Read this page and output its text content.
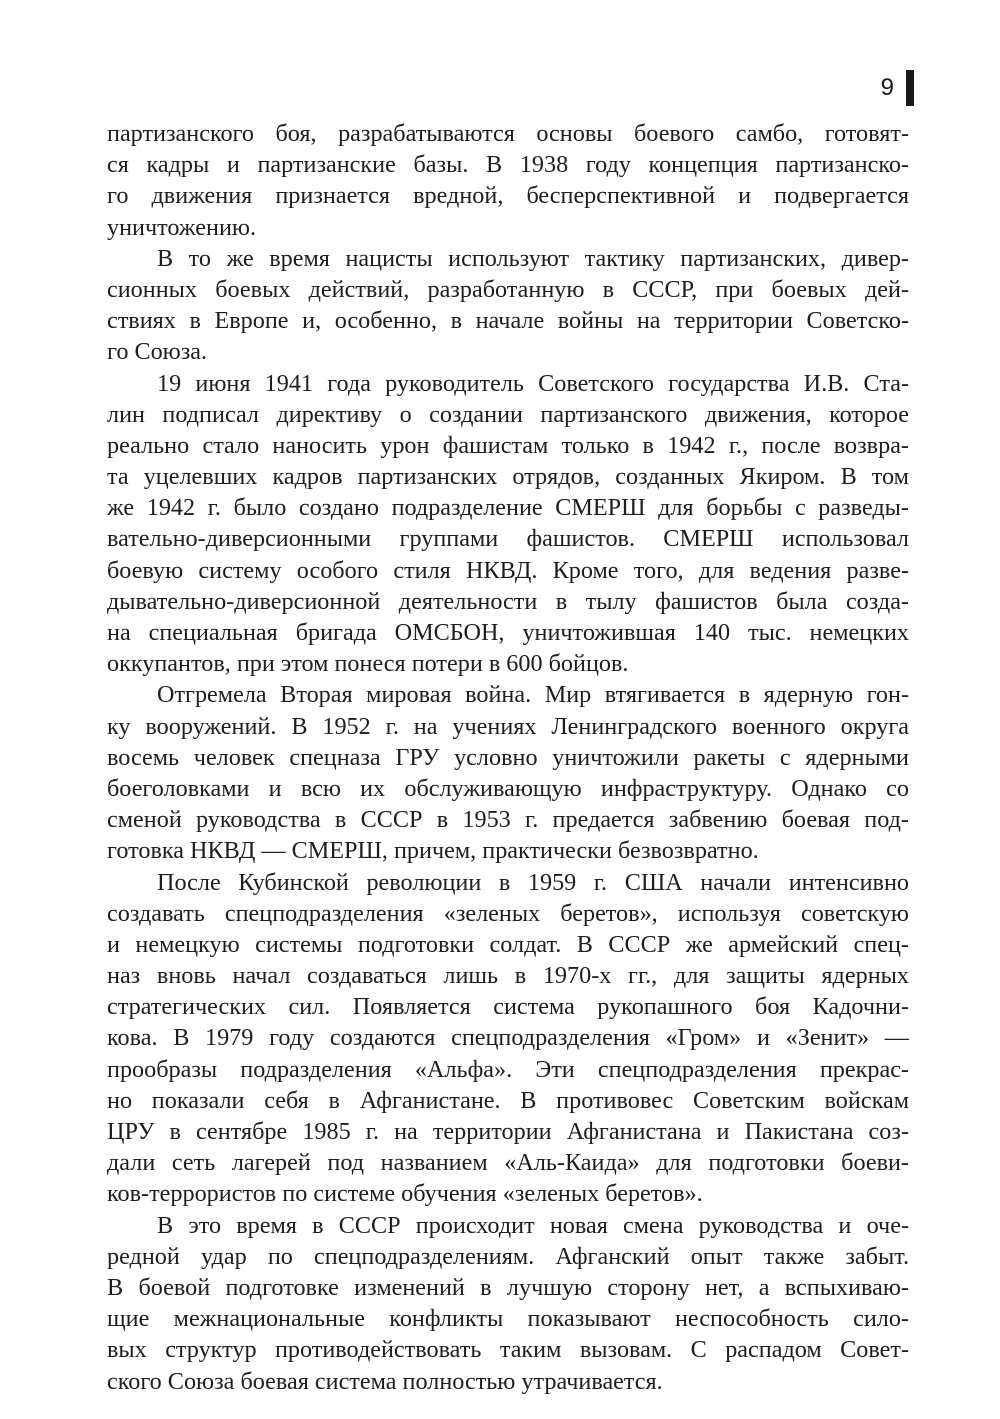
9
партизанского боя, разрабатываются основы боевого самбо, готовят-
ся кадры и партизанские базы. В 1938 году концепция партизанско-
го движения признается вредной, бесперспективной и подвергается
уничтожению.
В то же время нацисты используют тактику партизанских, дивер-
сионных боевых действий, разработанную в СССР, при боевых дей-
ствиях в Европе и, особенно, в начале войны на территории Советско-
го Союза.
19 июня 1941 года руководитель Советского государства И.В. Ста-
лин подписал директиву о создании партизанского движения, которое
реально стало наносить урон фашистам только в 1942 г., после возвра-
та уцелевших кадров партизанских отрядов, созданных Якиром. В том
же 1942 г. было создано подразделение СМЕРШ для борьбы с разведы-
вательно-диверсионными группами фашистов. СМЕРШ использовал
боевую систему особого стиля НКВД. Кроме того, для ведения разве-
дывательно-диверсионной деятельности в тылу фашистов была созда-
на специальная бригада ОМСБОН, уничтожившая 140 тыс. немецких
оккупантов, при этом понеся потери в 600 бойцов.
Отгремела Вторая мировая война. Мир втягивается в ядерную гон-
ку вооружений. В 1952 г. на учениях Ленинградского военного округа
восемь человек спецназа ГРУ условно уничтожили ракеты с ядерными
боеголовками и всю их обслуживающую инфраструктуру. Однако со
сменой руководства в СССР в 1953 г. предается забвению боевая под-
готовка НКВД — СМЕРШ, причем, практически безвозвратно.
После Кубинской революции в 1959 г. США начали интенсивно
создавать спецподразделения «зеленых беретов», используя советскую
и немецкую системы подготовки солдат. В СССР же армейский спец-
наз вновь начал создаваться лишь в 1970-х гг., для защиты ядерных
стратегических сил. Появляется система рукопашного боя Кадочни-
кова. В 1979 году создаются спецподразделения «Гром» и «Зенит» —
прообразы подразделения «Альфа». Эти спецподразделения прекрас-
но показали себя в Афганистане. В противовес Советским войскам
ЦРУ в сентябре 1985 г. на территории Афганистана и Пакистана соз-
дали сеть лагерей под названием «Аль-Каида» для подготовки боеви-
ков-террористов по системе обучения «зеленых беретов».
В это время в СССР происходит новая смена руководства и оче-
редной удар по спецподразделениям. Афганский опыт также забыт.
В боевой подготовке изменений в лучшую сторону нет, а вспыхиваю-
щие межнациональные конфликты показывают неспособность сило-
вых структур противодействовать таким вызовам. С распадом Совет-
ского Союза боевая система полностью утрачивается.
